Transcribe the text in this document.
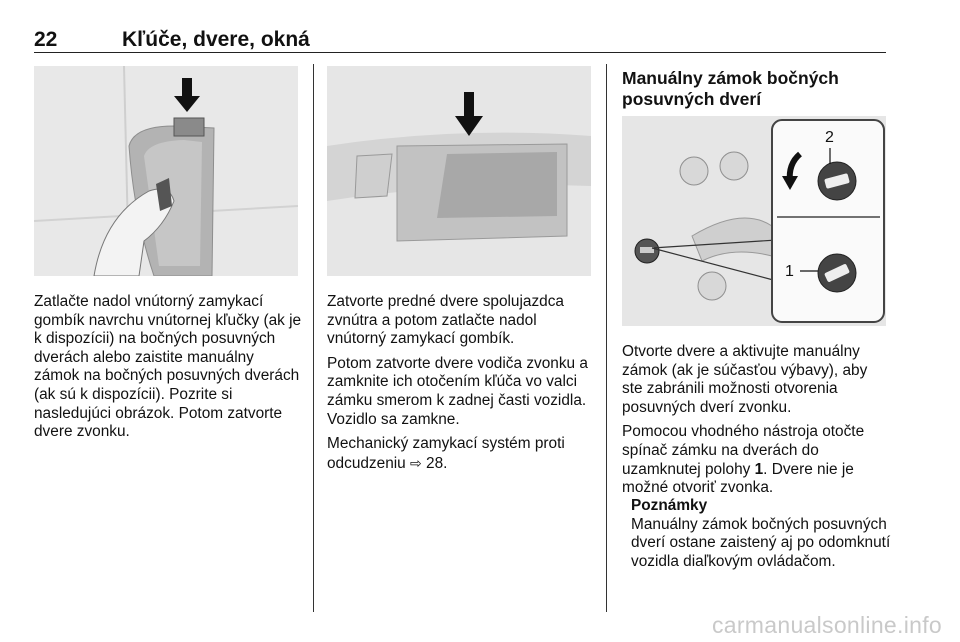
22	Kľúče, dvere, okná
2
1

Zatlačte nadol vnútorný zamykací gombík navrchu vnútornej kľučky (ak je k dispozícii) na bočných posuvných dverách alebo zaistite manuálny zámok na bočných posuvných dverách (ak sú k dispozícii). Pozrite si nasledujúci obrázok. Potom zatvorte dvere zvonku.

Zatvorte predné dvere spolujazdca zvnútra a potom zatlačte nadol vnútorný zamykací gombík.

Potom zatvorte dvere vodiča zvonku a zamknite ich otočením kľúča vo valci zámku smerom k zadnej časti vozidla. Vozidlo sa zamkne.

Mechanický zamykací systém proti odcudzeniu ⇨ 28.

Manuálny zámok bočných posuvných dverí

Otvorte dvere a aktivujte manuálny zámok (ak je súčasťou výbavy), aby ste zabránili možnosti otvorenia posuvných dverí zvonku.

Pomocou vhodného nástroja otočte spínač zámku na dverách do uzamknutej polohy 1. Dvere nie je možné otvoriť zvonka.

Poznámky
Manuálny zámok bočných posuvných dverí ostane zaistený aj po odomknutí vozidla diaľkovým ovládačom.
carmanualsonline.info
